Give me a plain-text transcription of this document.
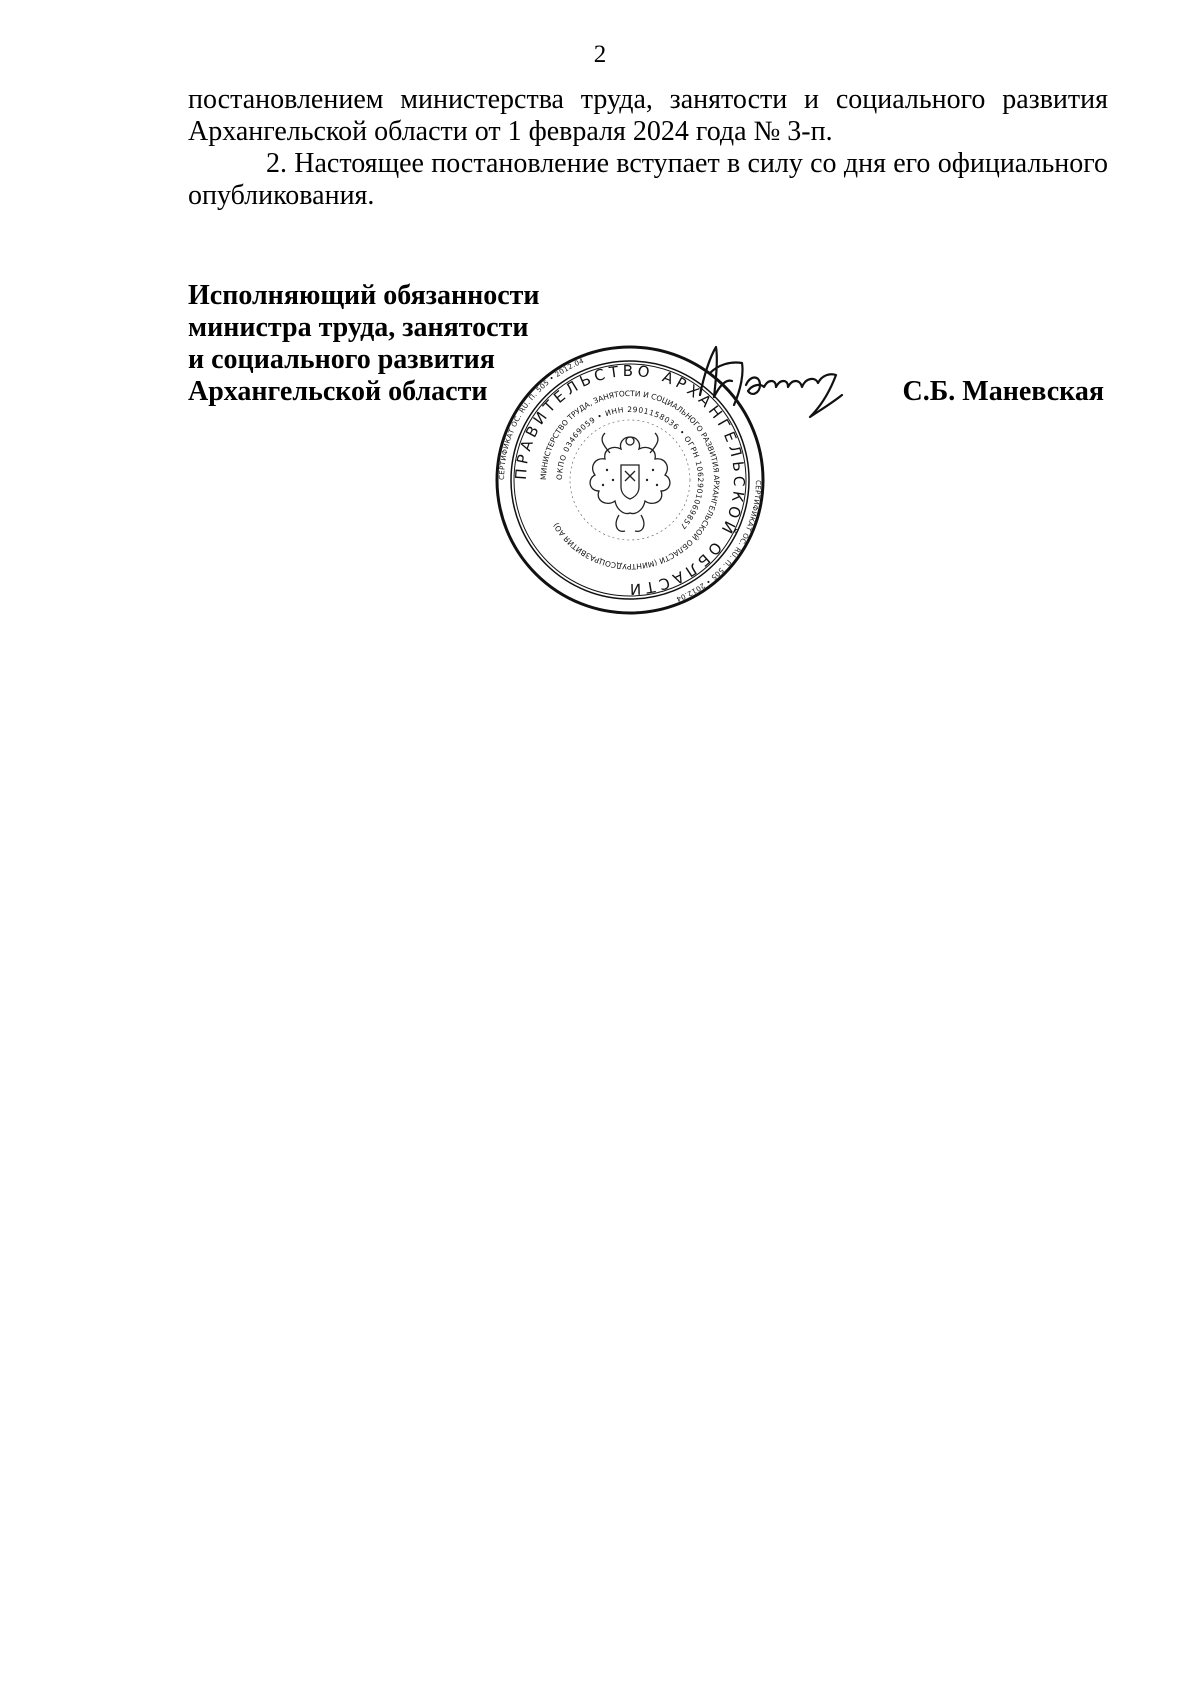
2

постановлением министерства труда, занятости и социального развития Архангельской области от 1 февраля 2024 года № 3-п.

2. Настоящее постановление вступает в силу со дня его официального опубликования.

Исполняющий обязанности
министра труда, занятости
и социального развития
Архангельской области
СЕРТИФИКАТ ОС. RU. П. 505 • 2012.04
СЕРТИФИКАТ ОС. RU. П. 505 • 2012.04
ПРАВИТЕЛЬСТВО АРХАНГЕЛЬСКОЙ ОБЛАСТИ
МИНИСТЕРСТВО ТРУДА, ЗАНЯТОСТИ И СОЦИАЛЬНОГО РАЗВИТИЯ АРХАНГЕЛЬСКОЙ ОБЛАСТИ (МИНТРУДСОЦРАЗВИТИЯ АО)
ОКПО 03469059 • ИНН 2901158036 • ОГРН 1062901069857
С.Б. Маневская
